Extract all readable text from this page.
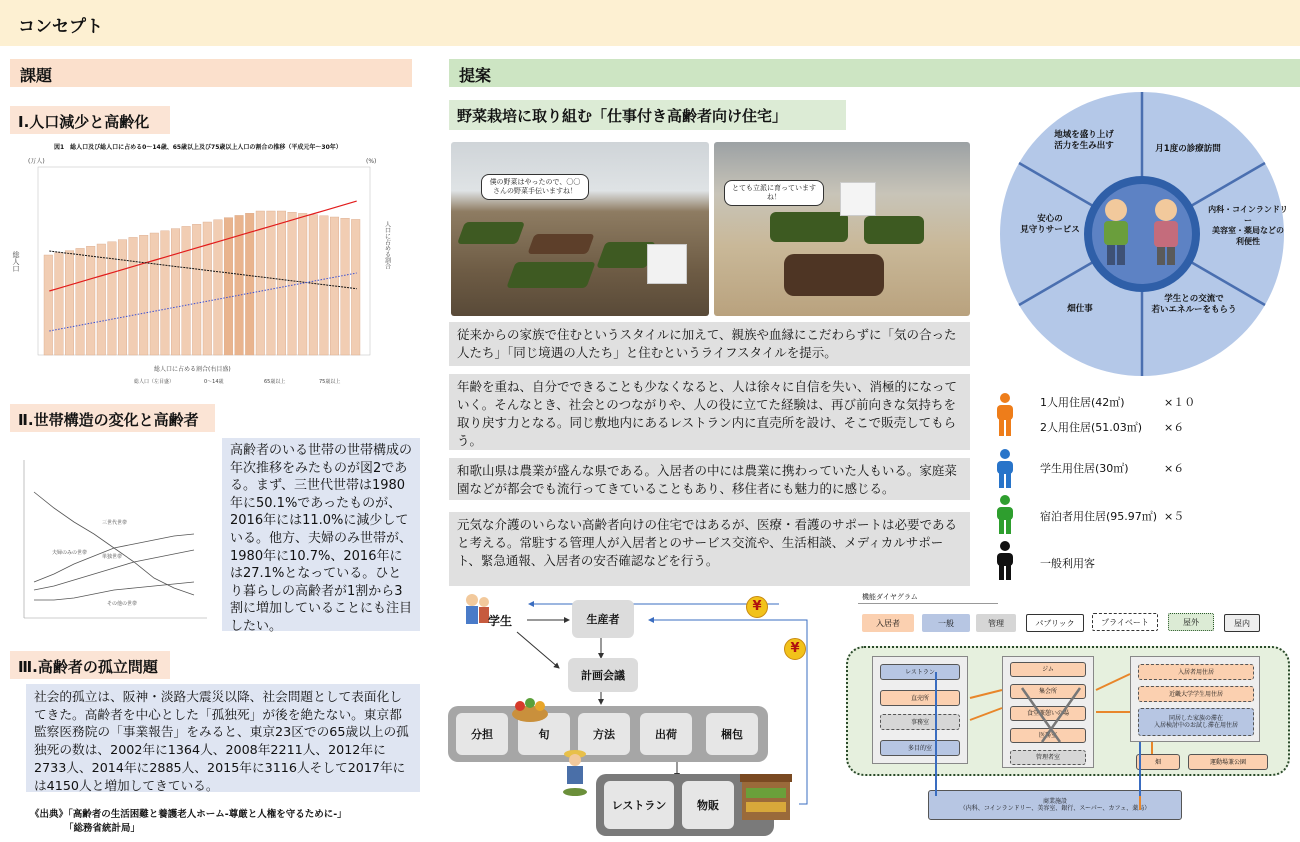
コンセプト
課題
Ⅰ.人口減少と高齢化
図1　総人口及び総人口に占める0～14歳、65歳以上及び75歳以上人口の割合の推移（平成元年～30年）
(万人)	(%)
総人口	人口に占める割合
総人口に占める割合(右目盛)
総人口（左目盛）	0〜14歳	65歳以上	75歳以上
Ⅱ.世帯構造の変化と高齢者
三世代世帯
夫婦のみの世帯
単独世帯
その他の世帯
高齢者のいる世帯の世帯構成の年次推移をみたものが図2である。まず、三世代世帯は1980年に50.1%であったものが、2016年には11.0%に減少している。他方、夫婦のみ世帯が、1980年に10.7%、2016年には27.1%となっている。ひとり暮らしの高齢者が1割から3割に増加していることにも注目したい。
Ⅲ.高齢者の孤立問題
社会的孤立は、阪神・淡路大震災以降、社会問題として表面化してきた。高齢者を中心とした「孤独死」が後を絶たない。東京都監察医務院の「事業報告」をみると、東京23区での65歳以上の孤独死の数は、2002年に1364人、2008年2211人、2012年に2733人、2014年に2885人、2015年に3116人そして2017年には4150人と増加してきている。
《出典》「高齢者の生活困難と養護老人ホーム-尊厳と人権を守るために-」
「総務省統計局」
提案
野菜栽培に取り組む「仕事付き高齢者向け住宅」
僕の野菜はやったので、〇〇さんの野菜手伝いますね！	とても立派に育っていますね！
従来からの家族で住むというスタイルに加えて、親族や血縁にこだわらずに「気の合った人たち」「同じ境遇の人たち」と住むというライフスタイルを提示。
年齢を重ね、自分でできることも少なくなると、人は徐々に自信を失い、消極的になっていく。そんなとき、社会とのつながりや、人の役に立てた経験は、再び前向きな気持ちを取り戻す力となる。同じ敷地内にあるレストラン内に直売所を設け、そこで販売してもらう。
和歌山県は農業が盛んな県である。入居者の中には農業に携わっていた人もいる。家庭菜園などが都会でも流行ってきていることもあり、移住者にも魅力的に感じる。
元気な介護のいらない高齢者向けの住宅ではあるが、医療・看護のサポートは必要であると考える。常駐する管理人が入居者とのサービス交流や、生活相談、メディカルサポート、緊急通報、入居者の安否確認などを行う。
地域を盛り上げ
活力を生み出す	月1度の診療訪問
内科・コインランドリー
美容室・薬局などの
利便性
学生との交流で
若いエネルーをもらう
畑仕事
安心の
見守りサービス
1人用住居(42㎡)	×１０
2人用住居(51.03㎡) ×６
学生用住居(30㎡)	×６
宿泊者用住居(95.97㎡) ×５
一般利用客
学生	生産者
計画会議
分担	旬	方法	出荷	梱包
レストラン	物販
¥
¥
機能ダイヤグラム
入居者	一般	管理	パブリック	プライベート	屋外	屋内
レストラン
直売所
事務室
多目的室
ジム
集会所
食堂兼憩いの場
医務室
管理者室
入居者用住居
近畿大学学生用住居
同居した家族の滞在
入居検討中のお試し滞在用住居
畑	運動場兼公園
商業施設
（内科、コインランドリー、美容室、銀行、スーパー、カフェ、薬局）
